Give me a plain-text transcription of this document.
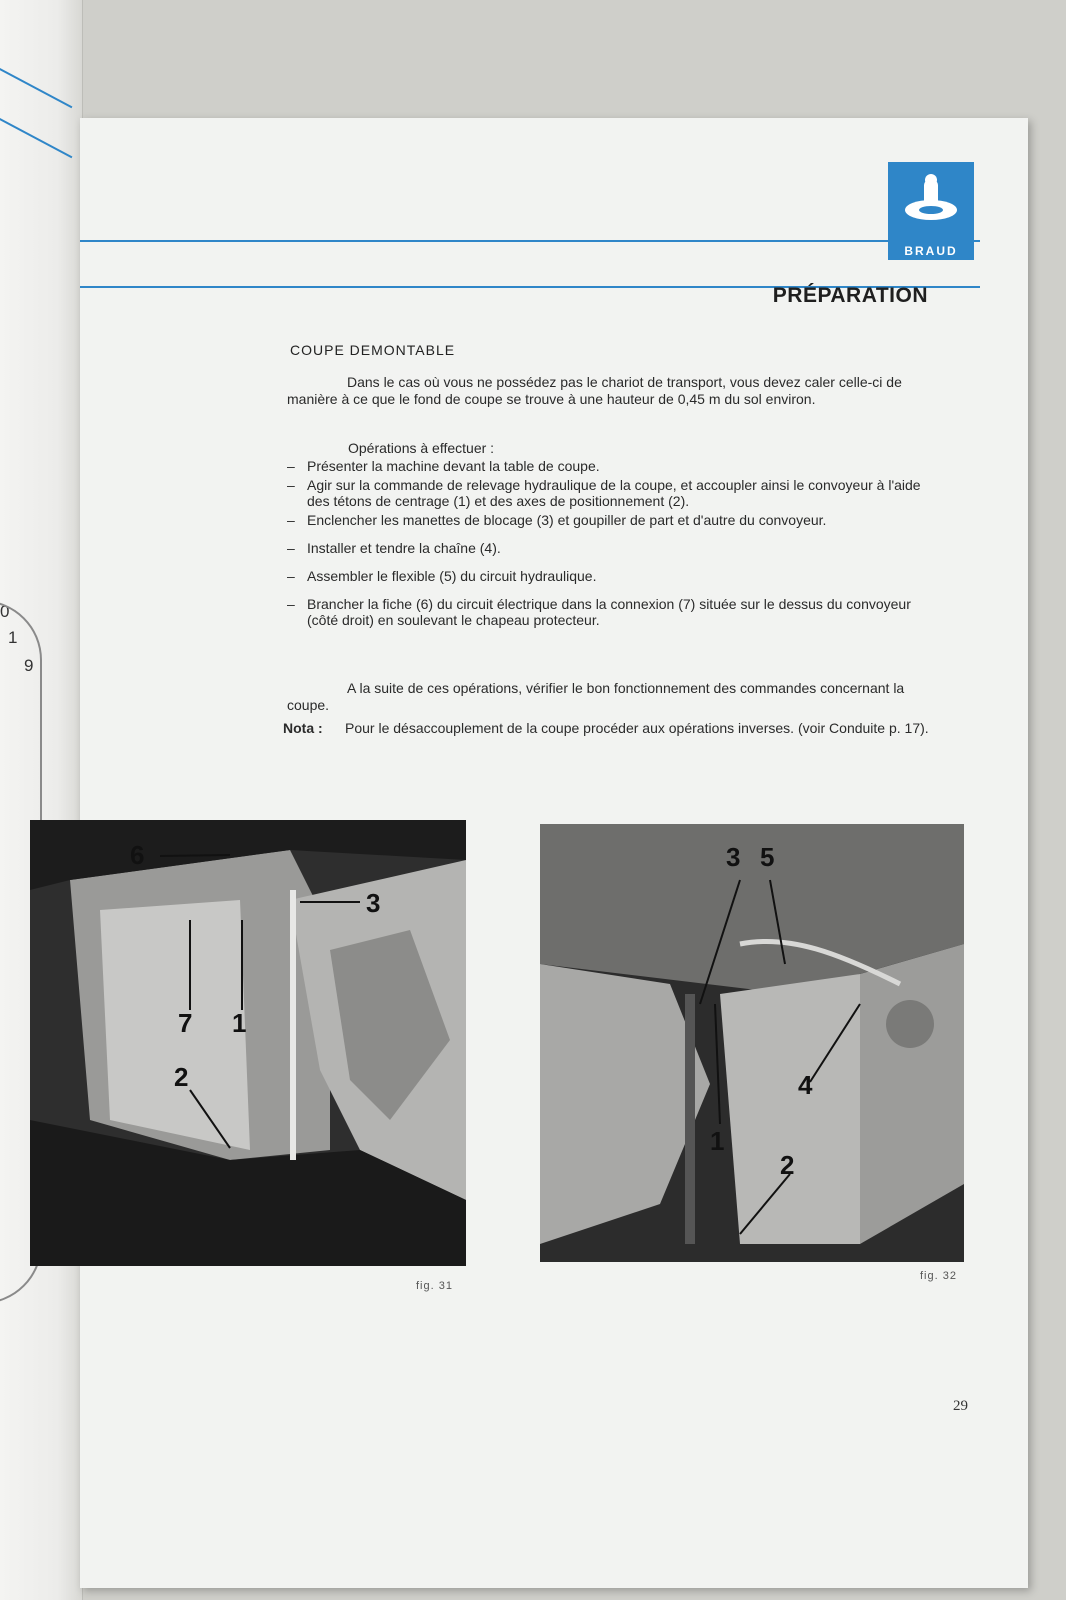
0
1
9
BRAUD
PRÉPARATION
COUPE DEMONTABLE
Dans le cas où vous ne possédez pas le chariot de transport, vous devez caler celle-ci de manière à ce que le fond de coupe se trouve à une hauteur de 0,45 m du sol environ.
Opérations à effectuer :
– Présenter la machine devant la table de coupe.
– Agir sur la commande de relevage hydraulique de la coupe, et accoupler ainsi le convoyeur à l'aide des tétons de centrage (1) et des axes de positionnement (2).
– Enclencher les manettes de blocage (3) et goupiller de part et d'autre du convoyeur.
– Installer et tendre la chaîne (4).
– Assembler le flexible (5) du circuit hydraulique.
– Brancher la fiche (6) du circuit électrique dans la connexion (7) située sur le dessus du convoyeur (côté droit) en soulevant le chapeau protecteur.
A la suite de ces opérations, vérifier le bon fonctionnement des commandes concernant la coupe.
Nota :	Pour le désaccouplement de la coupe procéder aux opérations inverses. (voir Conduite p. 17).
6
3
7 1
2
fig. 31
3 5
4
1
2
fig. 32
29
